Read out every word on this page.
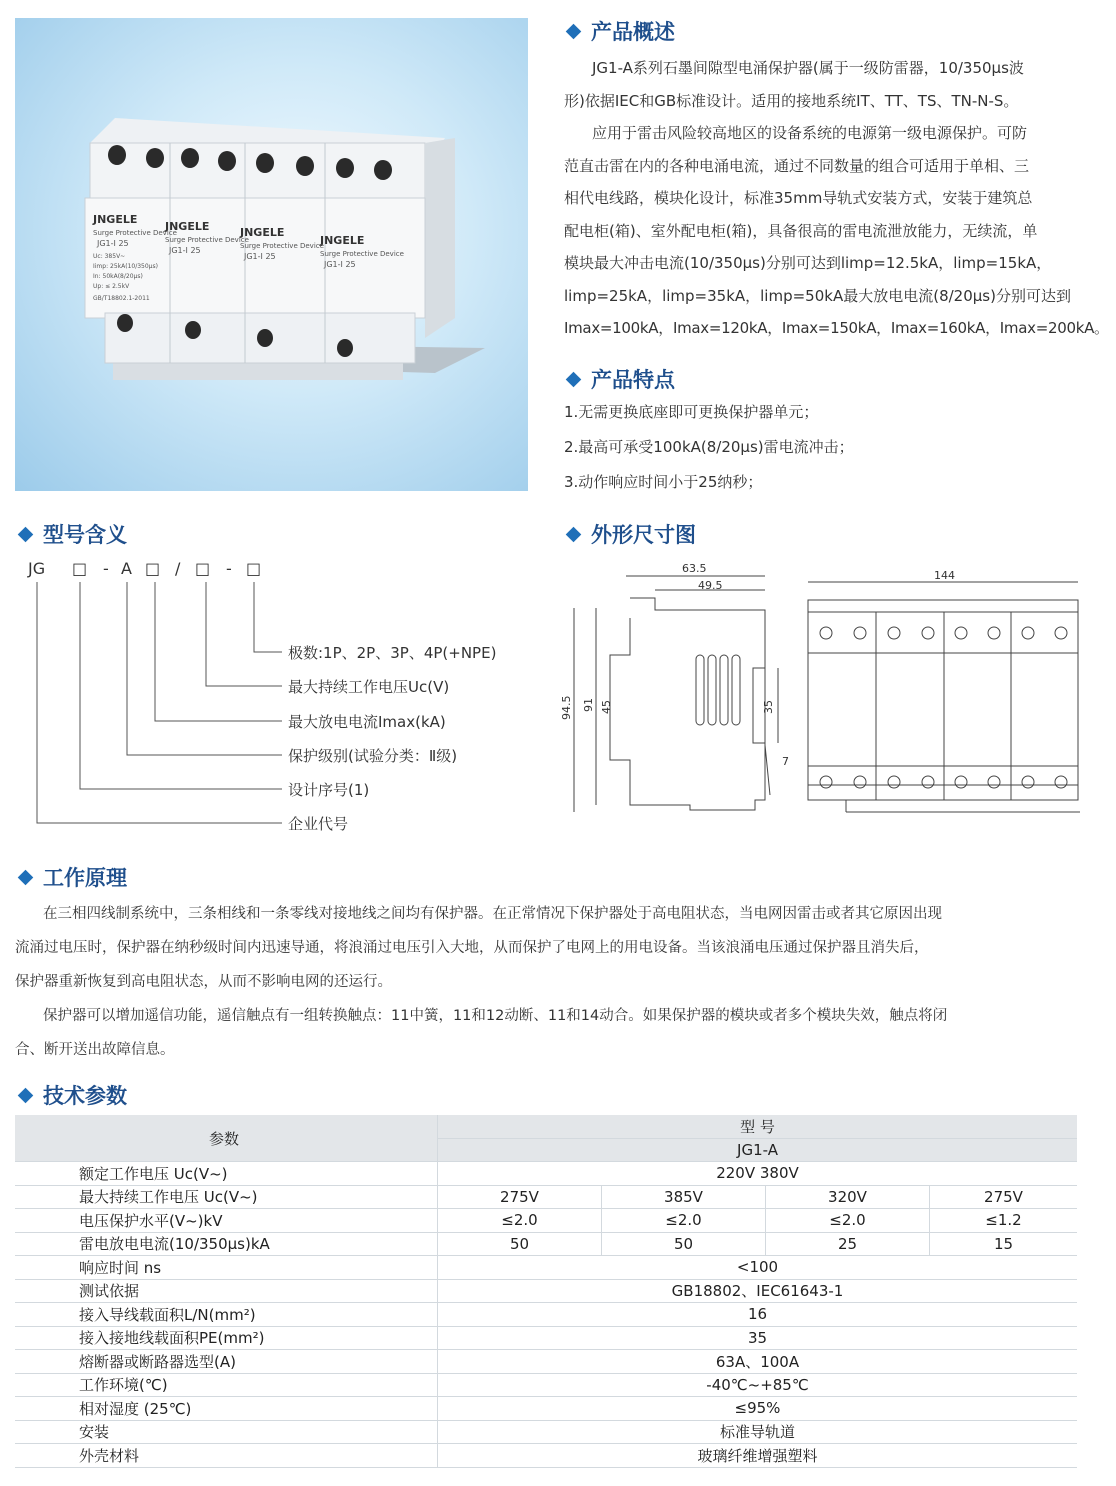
JNGELE
JNGELE	JNGELE
JNGELE
Surge Protective Device
Surge Protective Device
Surge Protective Device
Surge Protective Device
JG1-I 25
JG1-I 25
JG1-I 25
JG1-I 25
Uc: 385V~
Iimp: 25kA(10/350μs)
In: 50kA(8/20μs)
Up: ≤ 2.5kV
GB/T18802.1-2011
产品概述
JG1-A系列石墨间隙型电涌保护器(属于一级防雷器，10/350μs波
形)依据IEC和GB标准设计。适用的接地系统IT、TT、TS、TN-N-S。
应用于雷击风险较高地区的设备系统的电源第一级电源保护。可防
范直击雷在内的各种电涌电流，通过不同数量的组合可适用于单相、三
相代电线路，模块化设计，标准35mm导轨式安装方式，安装于建筑总
配电柜(箱)、室外配电柜(箱)，具备很高的雷电流泄放能力，无续流，单
模块最大冲击电流(10/350μs)分别可达到limp=12.5kA，limp=15kA，
limp=25kA，limp=35kA，limp=50kA最大放电电流(8/20μs)分别可达到
Imax=100kA，Imax=120kA，Imax=150kA，Imax=160kA，Imax=200kA。
产品特点
1.无需更换底座即可更换保护器单元；
2.最高可承受100kA(8/20μs)雷电流冲击；
3.动作响应时间小于25纳秒；
型号含义
JG □ - A □ / □ - □
极数:1P、2P、3P、4P(+NPE)
最大持续工作电压Uc(V)
最大放电电流Imax(kA)
保护级别(试验分类：Ⅱ级)
设计序号(1)
企业代号
外形尺寸图
63.5
49.5
144
94.5 91 45	35
7
工作原理
在三相四线制系统中，三条相线和一条零线对接地线之间均有保护器。在正常情况下保护器处于高电阻状态，当电网因雷击或者其它原因出现
流涌过电压时，保护器在纳秒级时间内迅速导通，将浪涌过电压引入大地，从而保护了电网上的用电设备。当该浪涌电压通过保护器且消失后，
保护器重新恢复到高电阻状态，从而不影响电网的还运行。
保护器可以增加遥信功能，遥信触点有一组转换触点：11中簧，11和12动断、11和14动合。如果保护器的模块或者多个模块失效，触点将闭
合、断开送出故障信息。
技术参数
参数	型 号			
	JG1-A			
额定工作电压 Uc(V~)	220V 380V			
最大持续工作电压 Uc(V~)	275V	385V	320V	275V
电压保护水平(V~)kV	≤2.0	≤2.0	≤2.0	≤1.2
雷电放电电流(10/350μs)kA	50	50	25	15
响应时间 ns	<100			
测试依据	GB18802、IEC61643-1			
接入导线载面积L/N(mm²)	16			
接入接地线载面积PE(mm²)	35			
熔断器或断路器选型(A)	63A、100A			
工作环境(℃)	-40℃~+85℃			
相对湿度 (25℃)	≤95%			
安装	标准导轨道			
外壳材料	玻璃纤维增强塑料			
